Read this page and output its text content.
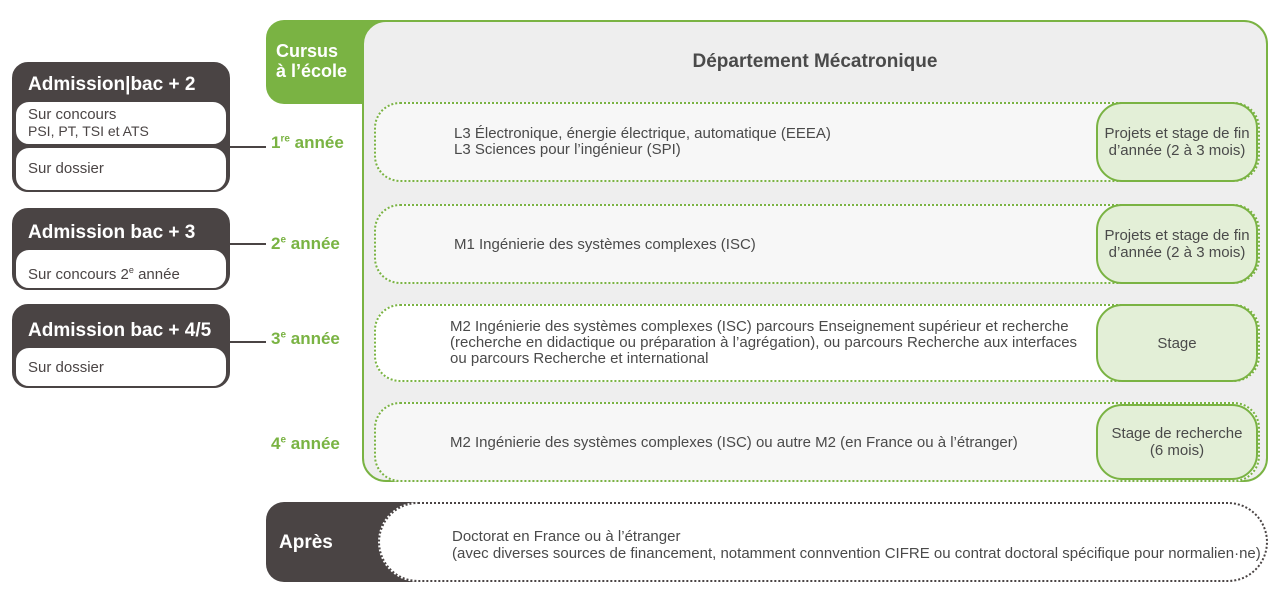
Admission|bac + 2
Sur concours
PSI, PT, TSI et ATS
Sur dossier
Admission bac + 3
Sur concours 2e année
Admission bac + 4/5
Sur dossier
1re année
2e année
3e année
4e année
Cursus
à l’école	Département Mécatronique
L3 Électronique, énergie électrique, automatique (EEEA)
L3 Sciences pour l’ingénieur (SPI)
Projets et stage de fin
d’année (2 à 3 mois)
M1 Ingénierie des systèmes complexes (ISC)
Projets et stage de fin
d’année (2 à 3 mois)
M2 Ingénierie des systèmes complexes (ISC) parcours Enseignement supérieur et recherche
(recherche en didactique ou préparation à l’agrégation), ou parcours Recherche aux interfaces
ou parcours Recherche et international
Stage
M2 Ingénierie des systèmes complexes (ISC) ou autre M2 (en France ou à l’étranger)
Stage de recherche
(6 mois)
Après	Doctorat en France ou à l’étranger
(avec diverses sources de financement, notamment connvention CIFRE ou contrat doctoral spécifique pour normalien·ne)
